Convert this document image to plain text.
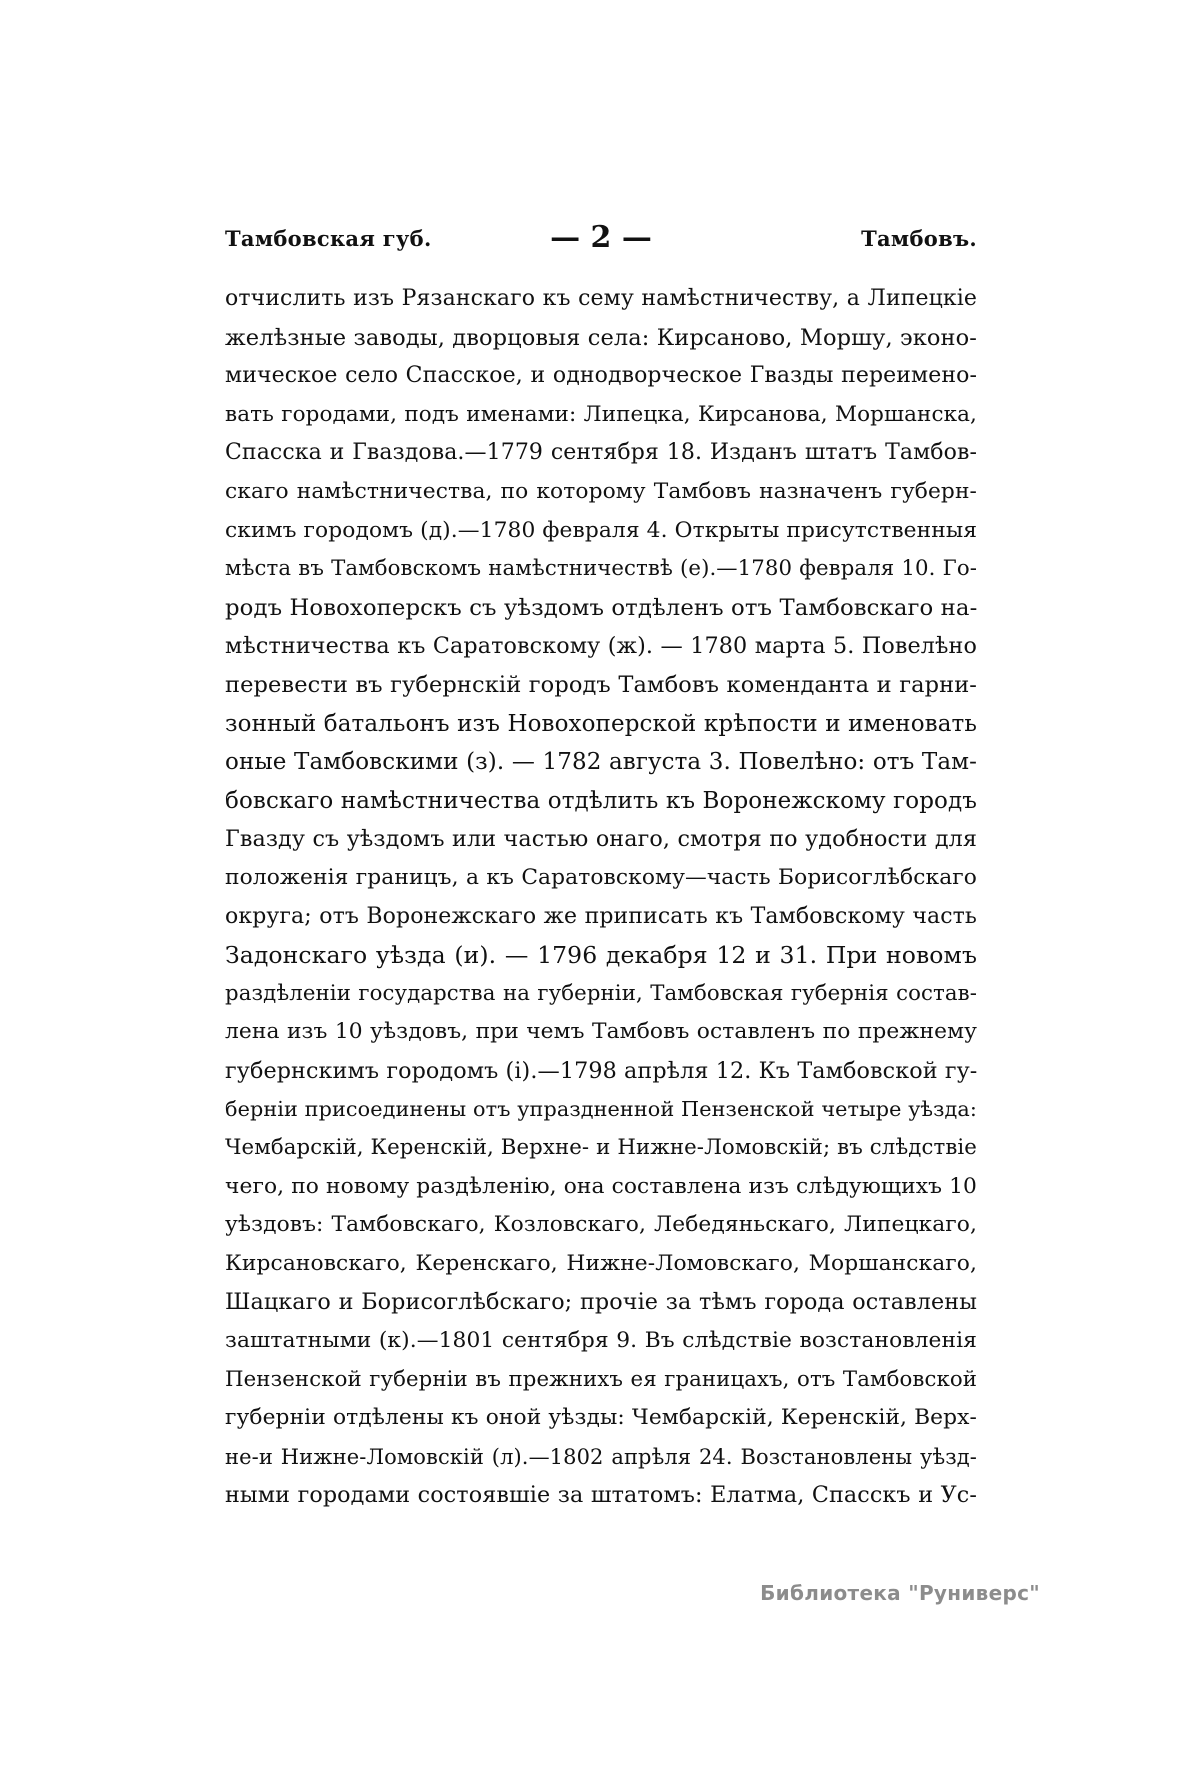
Тамбовская губ.	— 2 —	Тамбовъ.
отчислить изъ Рязанскаго къ сему намѣстничеству, а Липецкіе
желѣзные заводы, дворцовыя села: Кирсаново, Моршу, эконо-
мическое село Спасское, и однодворческое Гвазды переимено-
вать городами, подъ именами: Липецка, Кирсанова, Моршанска,
Спасска и Гваздова.—1779 сентября 18. Изданъ штатъ Тамбов-
скаго намѣстничества, по которому Тамбовъ назначенъ губерн-
скимъ городомъ (д).—1780 февраля 4. Открыты присутственныя
мѣста въ Тамбовскомъ намѣстничествѣ (е).—1780 февраля 10. Го-
родъ Новохоперскъ съ уѣздомъ отдѣленъ отъ Тамбовскаго на-
мѣстничества къ Саратовскому (ж). — 1780 марта 5. Повелѣно
перевести въ губернскій городъ Тамбовъ коменданта и гарни-
зонный батальонъ изъ Новохоперской крѣпости и именовать
оные Тамбовскими (з). — 1782 августа 3. Повелѣно: отъ Там-
бовскаго намѣстничества отдѣлить къ Воронежскому городъ
Гвазду съ уѣздомъ или частью онаго, смотря по удобности для
положенія границъ, а къ Саратовскому—часть Борисоглѣбскаго
округа; отъ Воронежскаго же приписать къ Тамбовскому часть
Задонскаго уѣзда (и). — 1796 декабря 12 и 31. При новомъ
раздѣленіи государства на губерніи, Тамбовская губернія состав-
лена изъ 10 уѣздовъ, при чемъ Тамбовъ оставленъ по прежнему
губернскимъ городомъ (і).—1798 апрѣля 12. Къ Тамбовской гу-
берніи присоединены отъ упраздненной Пензенской четыре уѣзда:
Чембарскій, Керенскій, Верхне- и Нижне-Ломовскій; въ слѣдствіе
чего, по новому раздѣленію, она составлена изъ слѣдующихъ 10
уѣздовъ: Тамбовскаго, Козловскаго, Лебедяньскаго, Липецкаго,
Кирсановскаго, Керенскаго, Нижне-Ломовскаго, Моршанскаго,
Шацкаго и Борисоглѣбскаго; прочіе за тѣмъ города оставлены
заштатными (к).—1801 сентября 9. Въ слѣдствіе возстановленія
Пензенской губерніи въ прежнихъ ея границахъ, отъ Тамбовской
губерніи отдѣлены къ оной уѣзды: Чембарскій, Керенскій, Верх-
не-и Нижне-Ломовскій (л).—1802 апрѣля 24. Возстановлены уѣзд-
ными городами состоявшіе за штатомъ: Елатма, Спасскъ и Ус-
Библиотека "Руниверс"
